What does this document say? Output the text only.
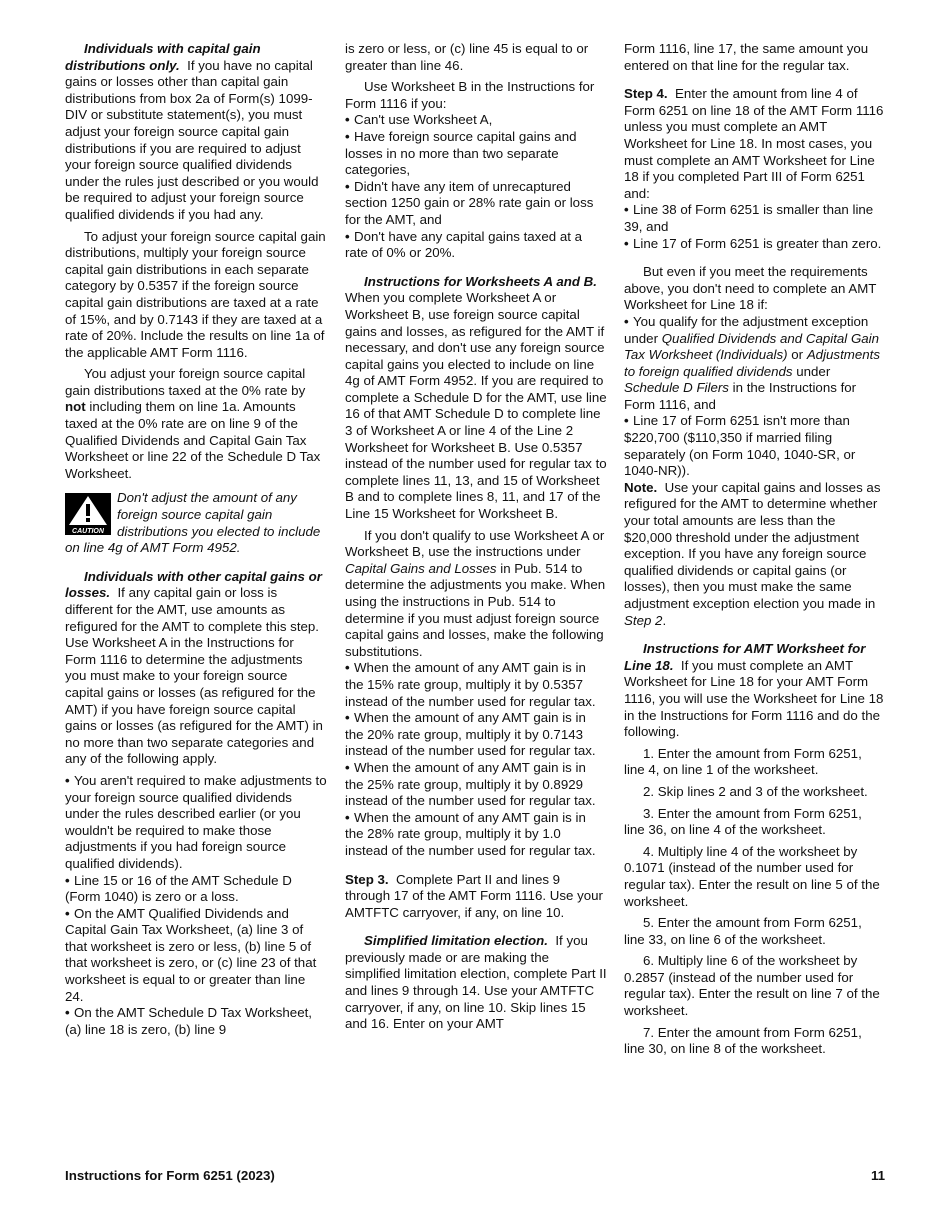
Individuals with capital gain distributions only. If you have no capital gains or losses other than capital gain distributions from box 2a of Form(s) 1099-DIV or substitute statement(s), you must adjust your foreign source capital gain distributions if you are required to adjust your foreign source qualified dividends under the rules just described or you would be required to adjust your foreign source qualified dividends if you had any.

To adjust your foreign source capital gain distributions, multiply your foreign source capital gain distributions in each separate category by 0.5357 if the foreign source capital gain distributions are taxed at a rate of 15%, and by 0.7143 if they are taxed at a rate of 20%. Include the results on line 1a of the applicable AMT Form 1116.

You adjust your foreign source capital gain distributions taxed at the 0% rate by not including them on line 1a. Amounts taxed at the 0% rate are on line 9 of the Qualified Dividends and Capital Gain Tax Worksheet or line 22 of the Schedule D Tax Worksheet.

CAUTION
Don't adjust the amount of any foreign source capital gain distributions you elected to include on line 4g of AMT Form 4952.

Individuals with other capital gains or losses. If any capital gain or loss is different for the AMT, use amounts as refigured for the AMT to complete this step. Use Worksheet A in the Instructions for Form 1116 to determine the adjustments you must make to your foreign source capital gains or losses (as refigured for the AMT) if you have foreign source capital gains or losses (as refigured for the AMT) in no more than two separate categories and any of the following apply.

• You aren't required to make adjustments to your foreign source qualified dividends under the rules described earlier (or you wouldn't be required to make those adjustments if you had foreign source qualified dividends).

• Line 15 or 16 of the AMT Schedule D (Form 1040) is zero or a loss.

• On the AMT Qualified Dividends and Capital Gain Tax Worksheet, (a) line 3 of that worksheet is zero or less, (b) line 5 of that worksheet is zero, or (c) line 23 of that worksheet is equal to or greater than line 24.

• On the AMT Schedule D Tax Worksheet, (a) line 18 is zero, (b) line 9

is zero or less, or (c) line 45 is equal to or greater than line 46.

Use Worksheet B in the Instructions for Form 1116 if you:

• Can't use Worksheet A,

• Have foreign source capital gains and losses in no more than two separate categories,

• Didn't have any item of unrecaptured section 1250 gain or 28% rate gain or loss for the AMT, and

• Don't have any capital gains taxed at a rate of 0% or 20%.

Instructions for Worksheets A and B.  When you complete Worksheet A or Worksheet B, use foreign source capital gains and losses, as refigured for the AMT if necessary, and don't use any foreign source capital gains you elected to include on line 4g of AMT Form 4952. If you are required to complete a Schedule D for the AMT, use line 16 of that AMT Schedule D to complete line 3 of Worksheet A or line 4 of the Line 2 Worksheet for Worksheet B. Use 0.5357 instead of the number used for regular tax to complete lines 11, 13, and 15 of Worksheet B and to complete lines 8, 11, and 17 of the Line 15 Worksheet for Worksheet B.

If you don't qualify to use Worksheet A or Worksheet B, use the instructions under Capital Gains and Losses in Pub. 514 to determine the adjustments you make. When using the instructions in Pub. 514 to determine if you must adjust foreign source capital gains and losses, make the following substitutions.

• When the amount of any AMT gain is in the 15% rate group, multiply it by 0.5357 instead of the number used for regular tax.

• When the amount of any AMT gain is in the 20% rate group, multiply it by 0.7143 instead of the number used for regular tax.

• When the amount of any AMT gain is in the 25% rate group, multiply it by 0.8929 instead of the number used for regular tax.

• When the amount of any AMT gain is in the 28% rate group, multiply it by 1.0 instead of the number used for regular tax.

Step 3. Complete Part II and lines 9 through 17 of the AMT Form 1116. Use your AMTFTC carryover, if any, on line 10.

Simplified limitation election. If you previously made or are making the simplified limitation election, complete Part II and lines 9 through 14. Use your AMTFTC carryover, if any, on line 10. Skip lines 15 and 16. Enter on your AMT

Form 1116, line 17, the same amount you entered on that line for the regular tax.

Step 4. Enter the amount from line 4 of Form 6251 on line 18 of the AMT Form 1116 unless you must complete an AMT Worksheet for Line 18. In most cases, you must complete an AMT Worksheet for Line 18 if you completed Part III of Form 6251 and:

• Line 38 of Form 6251 is smaller than line 39, and

• Line 17 of Form 6251 is greater than zero.

But even if you meet the requirements above, you don't need to complete an AMT Worksheet for Line 18 if:

• You qualify for the adjustment exception under Qualified Dividends and Capital Gain Tax Worksheet (Individuals) or Adjustments to foreign qualified dividends under Schedule D Filers in the Instructions for Form 1116, and

• Line 17 of Form 6251 isn't more than $220,700 ($110,350 if married filing separately (on Form 1040, 1040-SR, or 1040-NR)).

Note. Use your capital gains and losses as refigured for the AMT to determine whether your total amounts are less than the $20,000 threshold under the adjustment exception. If you have any foreign source qualified dividends or capital gains (or losses), then you must make the same adjustment exception election you made in Step 2.

Instructions for AMT Worksheet for Line 18. If you must complete an AMT Worksheet for Line 18 for your AMT Form 1116, you will use the Worksheet for Line 18 in the Instructions for Form 1116 and do the following.

1. Enter the amount from Form 6251, line 4, on line 1 of the worksheet.

2. Skip lines 2 and 3 of the worksheet.

3. Enter the amount from Form 6251, line 36, on line 4 of the worksheet.

4. Multiply line 4 of the worksheet by 0.1071 (instead of the number used for regular tax). Enter the result on line 5 of the worksheet.

5. Enter the amount from Form 6251, line 33, on line 6 of the worksheet.

6. Multiply line 6 of the worksheet by 0.2857 (instead of the number used for regular tax). Enter the result on line 7 of the worksheet.

7. Enter the amount from Form 6251, line 30, on line 8 of the worksheet.

Instructions for Form 6251 (2023)	11
